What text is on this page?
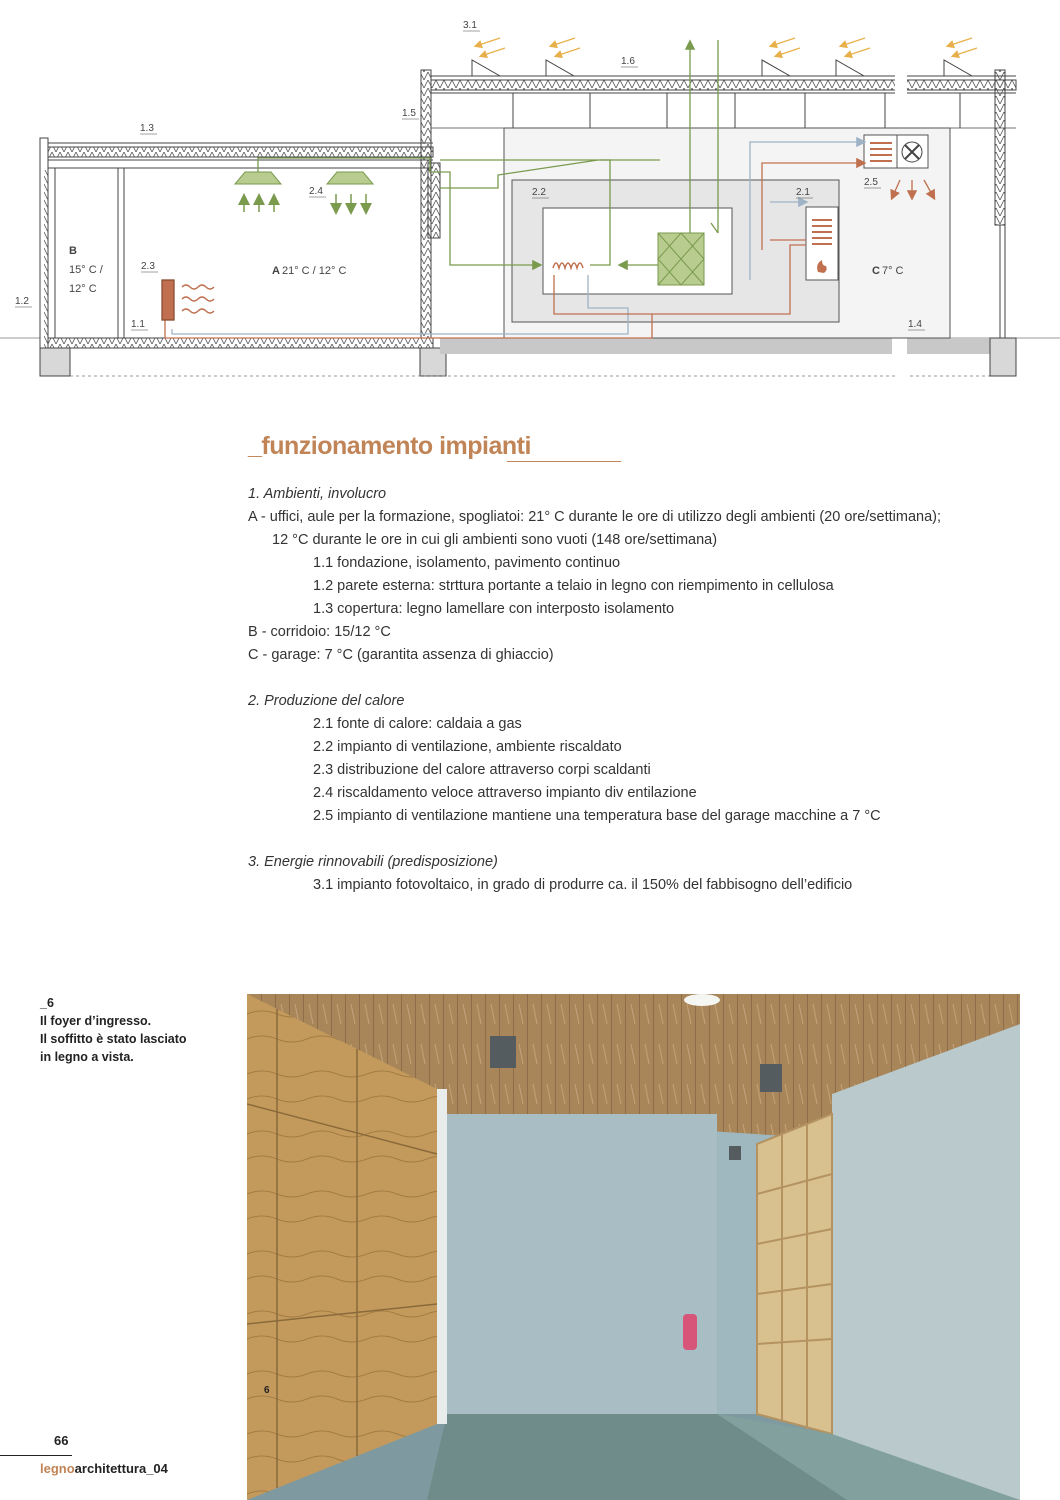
3.1
1.6
1.5
1.3
2.4	2.2	2.1
2.5
2.3
1.2
1.1	1.4
B
15° C /
12° C
A 21° C / 12° C	C 7° C
_funzionamento impianti

1. Ambienti, involucro

A - uffici, aule per la formazione, spogliatoi: 21° C durante le ore di utilizzo degli ambienti (20 ore/settimana);

12 °C durante le ore in cui gli ambienti sono vuoti (148 ore/settimana)

1.1 fondazione, isolamento, pavimento continuo

1.2 parete esterna: strttura portante a telaio in legno con riempimento in cellulosa

1.3 copertura: legno lamellare con interposto isolamento

B - corridoio: 15/12 °C

C - garage: 7 °C (garantita assenza di ghiaccio)

2. Produzione del calore

2.1 fonte di calore: caldaia a gas

2.2 impianto di ventilazione, ambiente riscaldato

2.3 distribuzione del calore attraverso corpi scaldanti

2.4 riscaldamento veloce attraverso impianto div entilazione

2.5 impianto di ventilazione mantiene una temperatura base del garage macchine a 7 °C

3. Energie rinnovabili (predisposizione)

3.1 impianto fotovoltaico, in grado di produrre ca. il 150% del fabbisogno dell’edificio

_6

Il foyer d’ingresso.

Il soffitto è stato lasciato

in legno a vista.

6
66
legnoarchitettura_04
